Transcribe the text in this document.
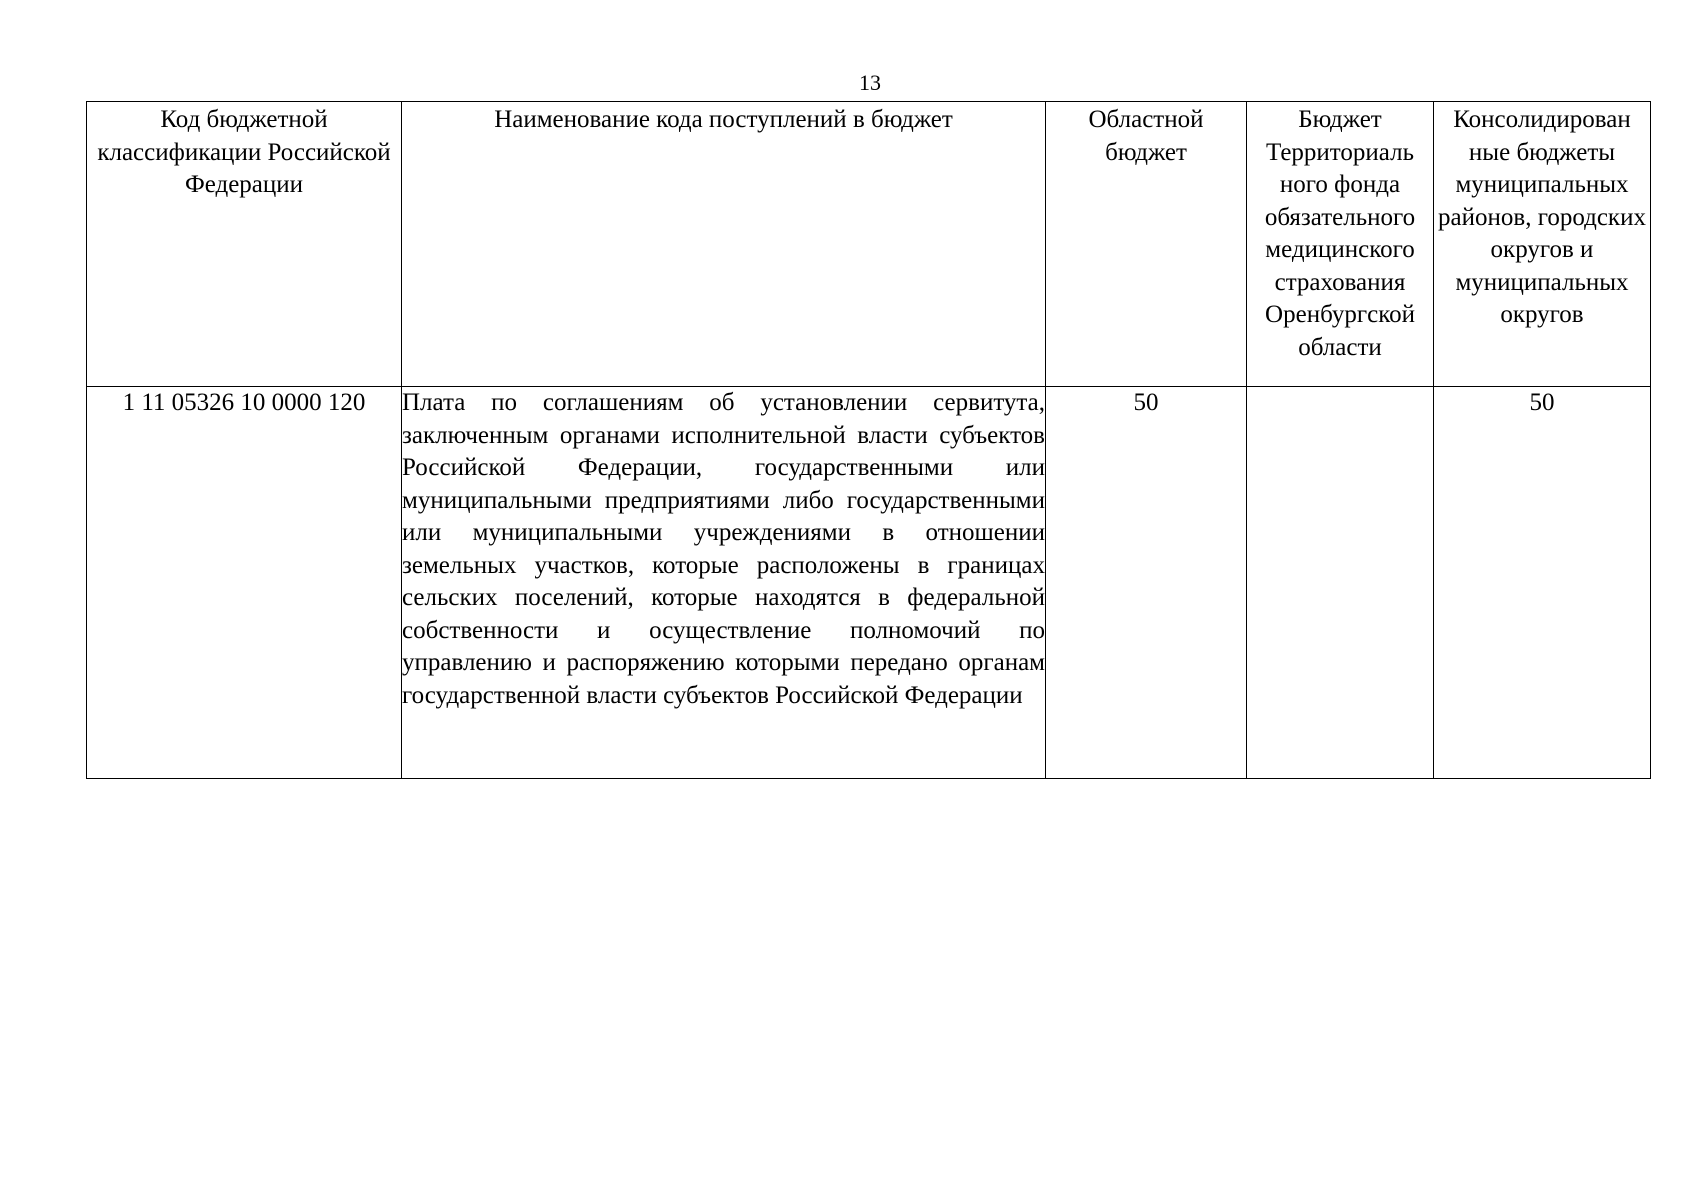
13
Код бюджетной классификации Российской Федерации	Наименование кода поступлений в бюджет	Областной бюджет	Бюджет Территориаль ного фонда обязательного медицинского страхования Оренбургской области	Консолидирован ные бюджеты муниципальных районов, городских округов и муниципальных округов
1 11 05326 10 0000 120	Плата по соглашениям об установлении сервитута, заключенным органами исполнительной власти субъектов Российской Федерации, государственными или муниципальными предприятиями либо государственными или муниципальными учреждениями в отношении земельных участков, которые расположены в границах сельских поселений, которые находятся в федеральной собственности и осуществление полномочий по управлению и распоряжению которыми передано органам государственной власти субъектов Российской Федерации	50		50
